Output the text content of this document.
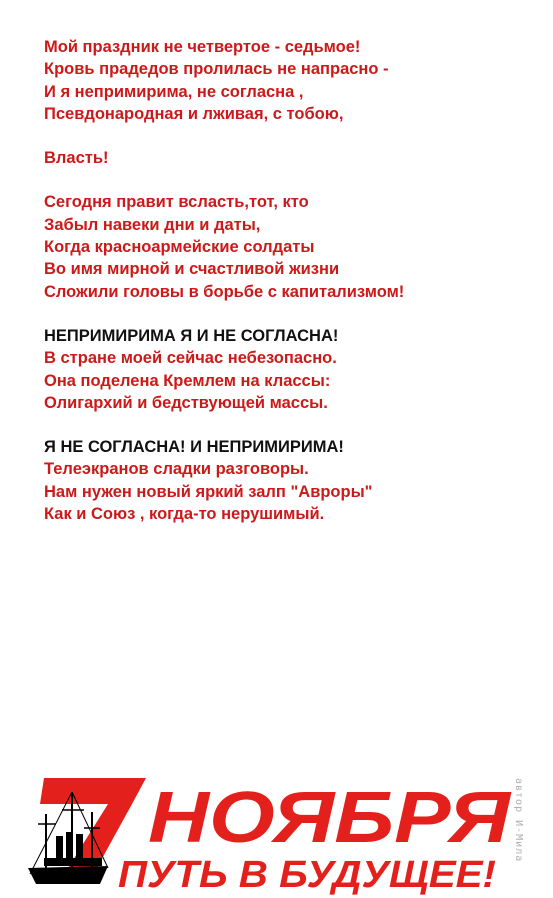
Мой праздник не четвертое - седьмое!
Кровь прадедов пролилась не напрасно -
И я непримирима, не согласна ,
Псевдонародная и лживая, с тобою,
Власть!
Сегодня правит всласть,тот, кто
Забыл навеки дни и даты,
Когда красноармейские солдаты
Во имя мирной и счастливой жизни
Сложили головы в борьбе с капитализмом!
НЕПРИМИРИМА Я И НЕ СОГЛАСНА!
В стране моей сейчас небезопасно.
Она поделена Кремлем на классы:
Олигархий и бедствующей массы.
Я НЕ СОГЛАСНА! И НЕПРИМИРИМА!
Телеэкранов сладки разговоры.
Нам нужен новый яркий залп "Авроры"
Как и Союз , когда-то нерушимый.
НОЯБРЯ
ПУТЬ В БУДУЩЕЕ!
автор И-Мила
